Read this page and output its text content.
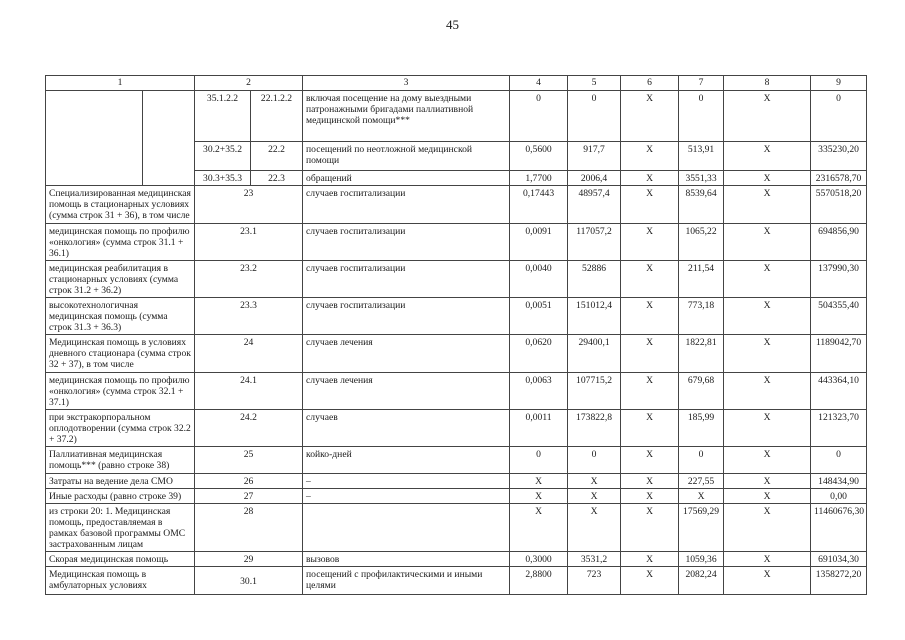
45
1		2		3	4	5	6	7	8	9	
		35.1.2.2	22.1.2.2	включая посещение на дому выездными патронажными бригадами паллиативной медицинской помощи***	0	0	X	0	X	0	
		30.2+35.2	22.2	посещений по неотложной медицинской помощи	0,5600	917,7	X	513,91	X	335230,20	
		30.3+35.3	22.3	обращений	1,7700	2006,4	X	3551,33	X	2316578,70	
Специализированная медицинская помощь в стационарных условиях (сумма строк 31 + 36), в том числе		23		случаев госпитализации	0,17443	48957,4	X	8539,64	X	5570518,20	
медицинская помощь по профилю «онкология» (сумма строк 31.1 + 36.1)		23.1		случаев госпитализации	0,0091	117057,2	X	1065,22	X	694856,90	
медицинская реабилитация в стационарных условиях (сумма строк 31.2 + 36.2)		23.2		случаев госпитализации	0,0040	52886	X	211,54	X	137990,30	
высокотехнологичная медицинская помощь (сумма строк 31.3 + 36.3)		23.3		случаев госпитализации	0,0051	151012,4	X	773,18	X	504355,40	
Медицинская помощь в условиях дневного стационара (сумма строк 32 + 37), в том числе		24		случаев лечения	0,0620	29400,1	X	1822,81	X	1189042,70	
медицинская помощь по профилю «онкология» (сумма строк 32.1 + 37.1)		24.1		случаев лечения	0,0063	107715,2	X	679,68	X	443364,10	
при экстракорпоральном оплодотворении (сумма строк 32.2 + 37.2)		24.2		случаев	0,0011	173822,8	X	185,99	X	121323,70	
Паллиативная медицинская помощь*** (равно строке 38)		25		койко-дней	0	0	X	0	X	0	
Затраты на ведение дела СМО		26		–	X	X	X	227,55	X	148434,90	
Иные расходы (равно строке 39)		27		–	X	X	X	X	X	0,00	
из строки 20: 1. Медицинская помощь, предоставляемая в рамках базовой программы ОМС застрахованным лицам		28			X	X	X	17569,29	X	11460676,30	
Скорая медицинская помощь		29		вызовов	0,3000	3531,2	X	1059,36	X	691034,30	
Медицинская помощь в амбулаторных условиях		30.1		посещений с профилактическими и иными целями	2,8800	723	X	2082,24	X	1358272,20	
